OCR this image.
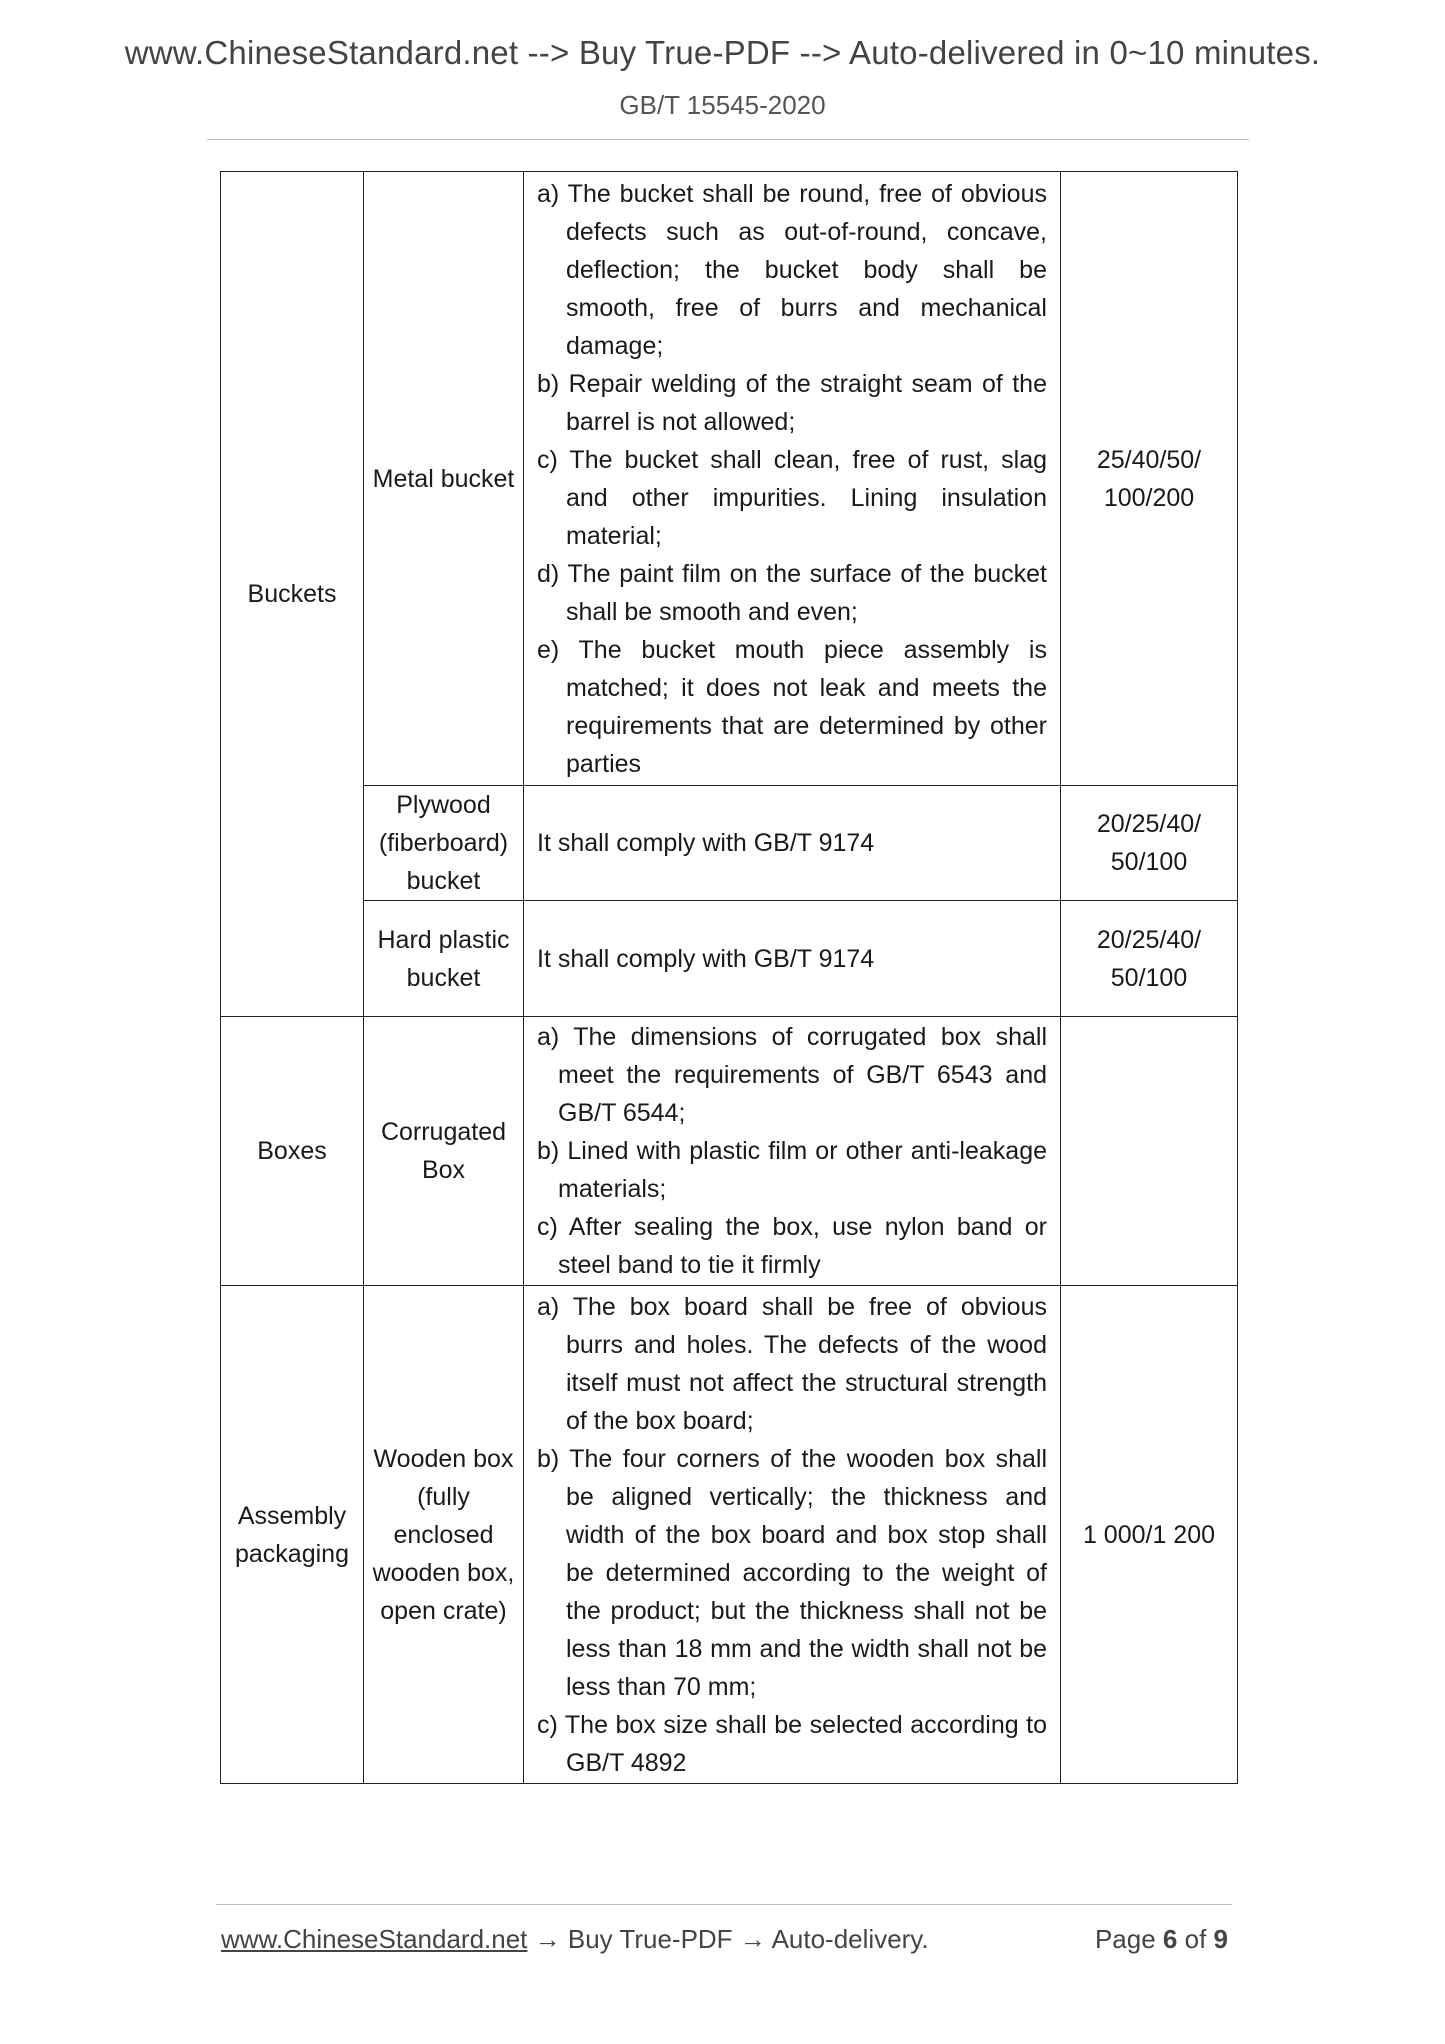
www.ChineseStandard.net --> Buy True-PDF --> Auto-delivered in 0~10 minutes.
GB/T 15545-2020
Buckets	Metal bucket	a) The bucket shall be round, free of obvious defects such as out-of-round, concave, deflection; the bucket body shall be smooth, free of burrs and mechanical damage;

b) Repair welding of the straight seam of the barrel is not allowed;

c) The bucket shall clean, free of rust, slag and other impurities. Lining insulation material;

d) The paint film on the surface of the bucket shall be smooth and even;

e) The bucket mouth piece assembly is matched; it does not leak and meets the requirements that are determined by other parties	25/40/50/ 100/200
	Plywood (fiberboard) bucket	It shall comply with GB/T 9174	20/25/40/ 50/100
	Hard plastic bucket	It shall comply with GB/T 9174	20/25/40/ 50/100
Boxes	Corrugated Box	a) The dimensions of corrugated box shall meet the requirements of GB/T 6543 and GB/T 6544;

b) Lined with plastic film or other anti-leakage materials;

c) After sealing the box, use nylon band or steel band to tie it firmly	

Assembly packaging	Wooden box (fully enclosed wooden box, open crate)	a) The box board shall be free of obvious burrs and holes. The defects of the wood itself must not affect the structural strength of the box board;

b) The four corners of the wooden box shall be aligned vertically; the thickness and width of the box board and box stop shall be determined according to the weight of the product; but the thickness shall not be less than 18 mm and the width shall not be less than 70 mm;

c) The box size shall be selected according to GB/T 4892	1 000/1 200
www.ChineseStandard.net → Buy True-PDF → Auto-delivery.	Page 6 of 9
